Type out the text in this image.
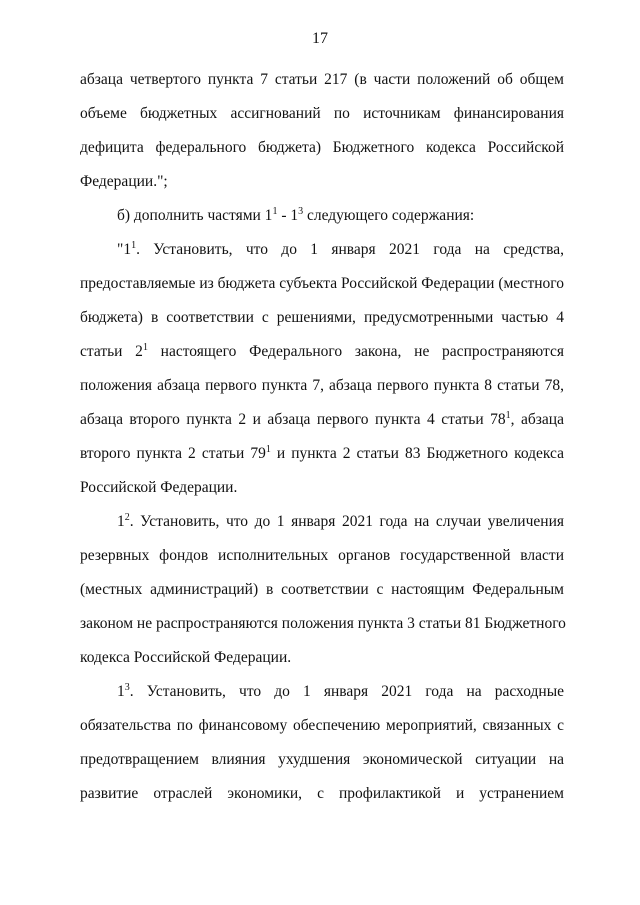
17
абзаца четвертого пункта 7 статьи 217 (в части положений об общем
объеме бюджетных ассигнований по источникам финансирования
дефицита федерального бюджета) Бюджетного кодекса Российской
Федерации.";
б) дополнить частями $1^1 - 1^3$ следующего содержания:
"$1^1$. Установить, что до 1 января 2021 года на средства,
предоставляемые из бюджета субъекта Российской Федерации (местного
бюджета) в соответствии с решениями, предусмотренными частью 4
статьи $2^1$ настоящего Федерального закона, не распространяются
положения абзаца первого пункта 7, абзаца первого пункта 8 статьи 78,
абзаца второго пункта 2 и абзаца первого пункта 4 статьи $78^1$, абзаца
второго пункта 2 статьи $79^1$ и пункта 2 статьи 83 Бюджетного кодекса
Российской Федерации.
$1^2$. Установить, что до 1 января 2021 года на случаи увеличения
резервных фондов исполнительных органов государственной власти
(местных администраций) в соответствии с настоящим Федеральным
законом не распространяются положения пункта 3 статьи 81 Бюджетного
кодекса Российской Федерации.
$1^3$. Установить, что до 1 января 2021 года на расходные
обязательства по финансовому обеспечению мероприятий, связанных с
предотвращением влияния ухудшения экономической ситуации на
развитие отраслей экономики, с профилактикой и устранением
